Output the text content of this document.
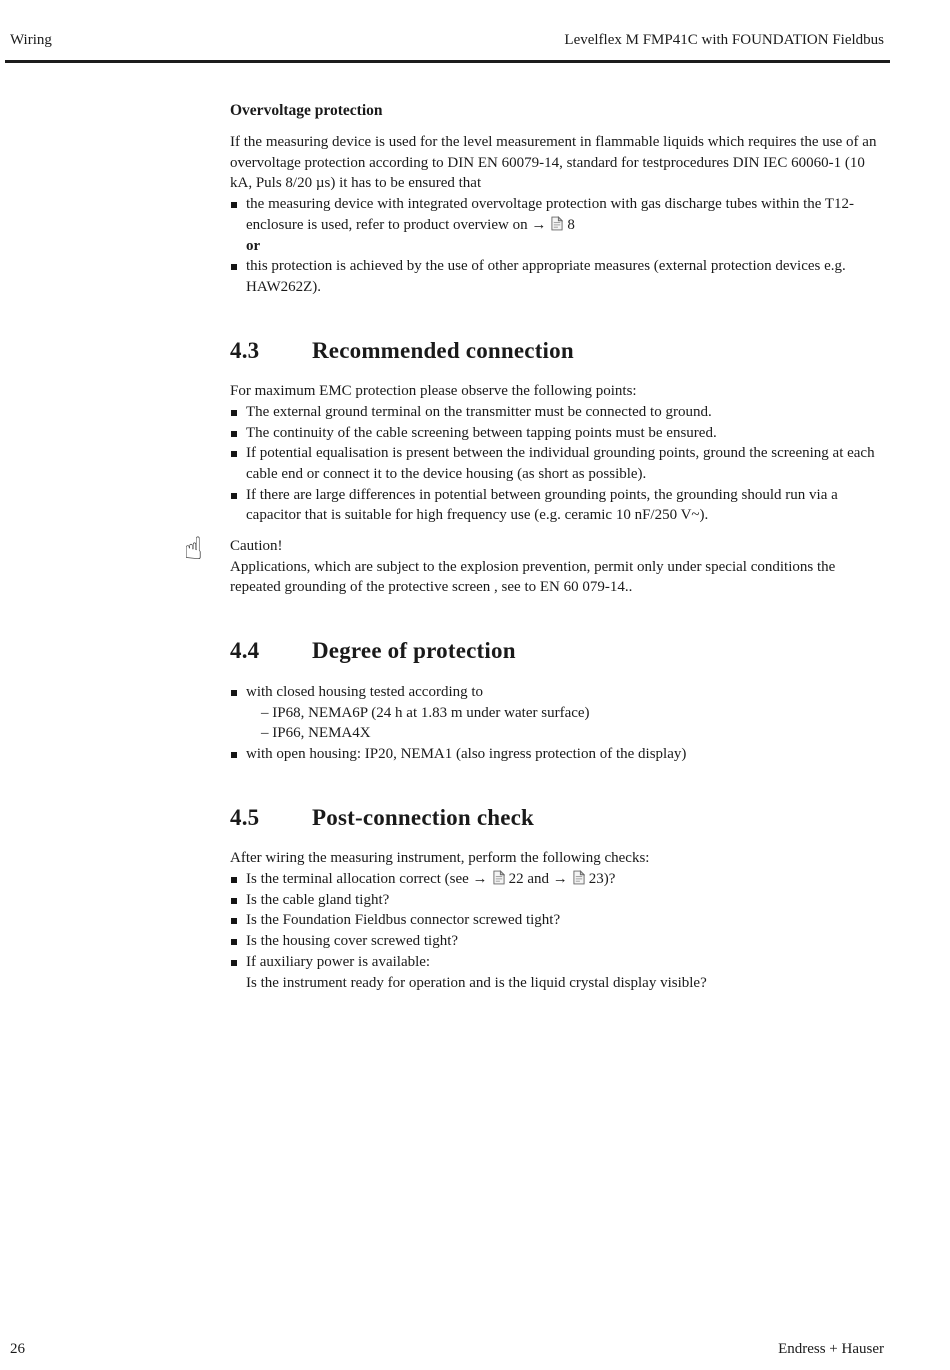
Wiring	Levelflex M FMP41C with FOUNDATION Fieldbus
Overvoltage protection

If the measuring device is used for the level measurement in flammable liquids which requires the use of an overvoltage protection according to DIN EN 60079-14, standard for testprocedures DIN IEC 60060-1 (10 kA, Puls 8/20 µs) it has to be ensured that

the measuring device with integrated overvoltage protection with gas discharge tubes within the T12-enclosure is used, refer to product overview on → 8
or
this protection is achieved by the use of other appropriate measures (external protection devices e.g. HAW262Z).
4.3 Recommended connection

For maximum EMC protection please observe the following points:

The external ground terminal on the transmitter must be connected to ground.
The continuity of the cable screening between tapping points must be ensured.
If potential equalisation is present between the individual grounding points, ground the screening at each cable end or connect it to the device housing (as short as possible).
If there are large differences in potential between grounding points, the grounding should run via a capacitor that is suitable for high frequency use (e.g. ceramic 10 nF/250 V~).
☝ Caution!

Applications, which are subject to the explosion prevention, permit only under special conditions the repeated grounding of the protective screen , see to EN 60 079-14..

4.4 Degree of protection
with closed housing tested according to
– IP68, NEMA6P (24 h at 1.83 m under water surface)
– IP66, NEMA4X
with open housing: IP20, NEMA1 (also ingress protection of the display)
4.5 Post-connection check

After wiring the measuring instrument, perform the following checks:

Is the terminal allocation correct (see → 22 and → 23)?
Is the cable gland tight?
Is the Foundation Fieldbus connector screwed tight?
Is the housing cover screwed tight?
If auxiliary power is available:
Is the instrument ready for operation and is the liquid crystal display visible?
26	Endress + Hauser
